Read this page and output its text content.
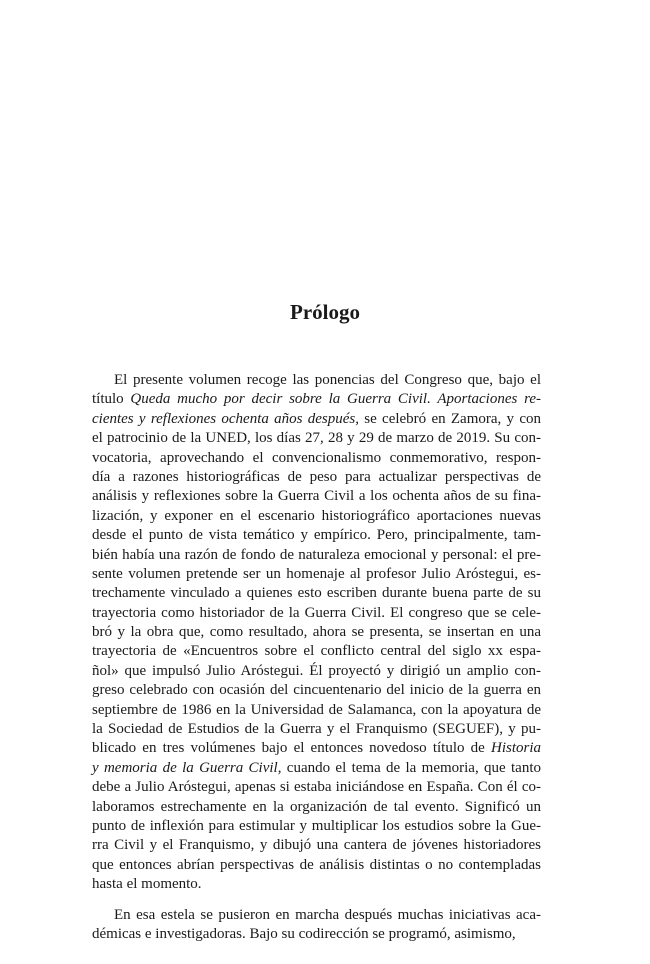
Prólogo
El presente volumen recoge las ponencias del Congreso que, bajo el
título Queda mucho por decir sobre la Guerra Civil. Aportaciones re-
cientes y reflexiones ochenta años después, se celebró en Zamora, y con
el patrocinio de la UNED, los días 27, 28 y 29 de marzo de 2019. Su con-
vocatoria, aprovechando el convencionalismo conmemorativo, respon-
día a razones historiográficas de peso para actualizar perspectivas de
análisis y reflexiones sobre la Guerra Civil a los ochenta años de su fina-
lización, y exponer en el escenario historiográfico aportaciones nuevas
desde el punto de vista temático y empírico. Pero, principalmente, tam-
bién había una razón de fondo de naturaleza emocional y personal: el pre-
sente volumen pretende ser un homenaje al profesor Julio Aróstegui, es-
trechamente vinculado a quienes esto escriben durante buena parte de su
trayectoria como historiador de la Guerra Civil. El congreso que se cele-
bró y la obra que, como resultado, ahora se presenta, se insertan en una
trayectoria de «Encuentros sobre el conflicto central del siglo xx espa-
ñol» que impulsó Julio Aróstegui. Él proyectó y dirigió un amplio con-
greso celebrado con ocasión del cincuentenario del inicio de la guerra en
septiembre de 1986 en la Universidad de Salamanca, con la apoyatura de
la Sociedad de Estudios de la Guerra y el Franquismo (SEGUEF), y pu-
blicado en tres volúmenes bajo el entonces novedoso título de Historia
y memoria de la Guerra Civil, cuando el tema de la memoria, que tanto
debe a Julio Aróstegui, apenas si estaba iniciándose en España. Con él co-
laboramos estrechamente en la organización de tal evento. Significó un
punto de inflexión para estimular y multiplicar los estudios sobre la Gue-
rra Civil y el Franquismo, y dibujó una cantera de jóvenes historiadores
que entonces abrían perspectivas de análisis distintas o no contempladas
hasta el momento.
En esa estela se pusieron en marcha después muchas iniciativas aca-
démicas e investigadoras. Bajo su codirección se programó, asimismo,
